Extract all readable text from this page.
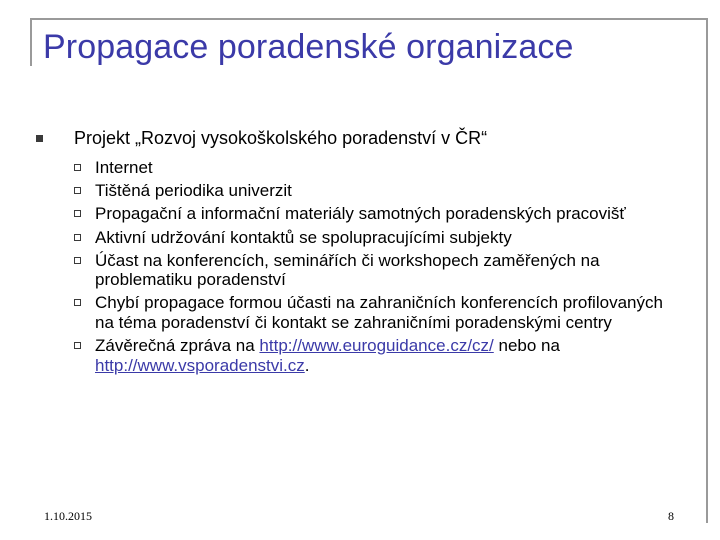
Propagace poradenské organizace
Projekt „Rozvoj vysokoškolského poradenství v ČR“
Internet
Tištěná periodika univerzit
Propagační a informační materiály samotných poradenských pracovišť
Aktivní udržování kontaktů se spolupracujícími subjekty
Účast na konferencích, seminářích či workshopech zaměřených na problematiku poradenství
Chybí propagace formou účasti na zahraničních konferencích profilovaných na téma poradenství či kontakt se zahraničními poradenskými centry
Závěrečná zpráva na http://www.euroguidance.cz/cz/ nebo na http://www.vsporadenstvi.cz.
1.10.2015	8
